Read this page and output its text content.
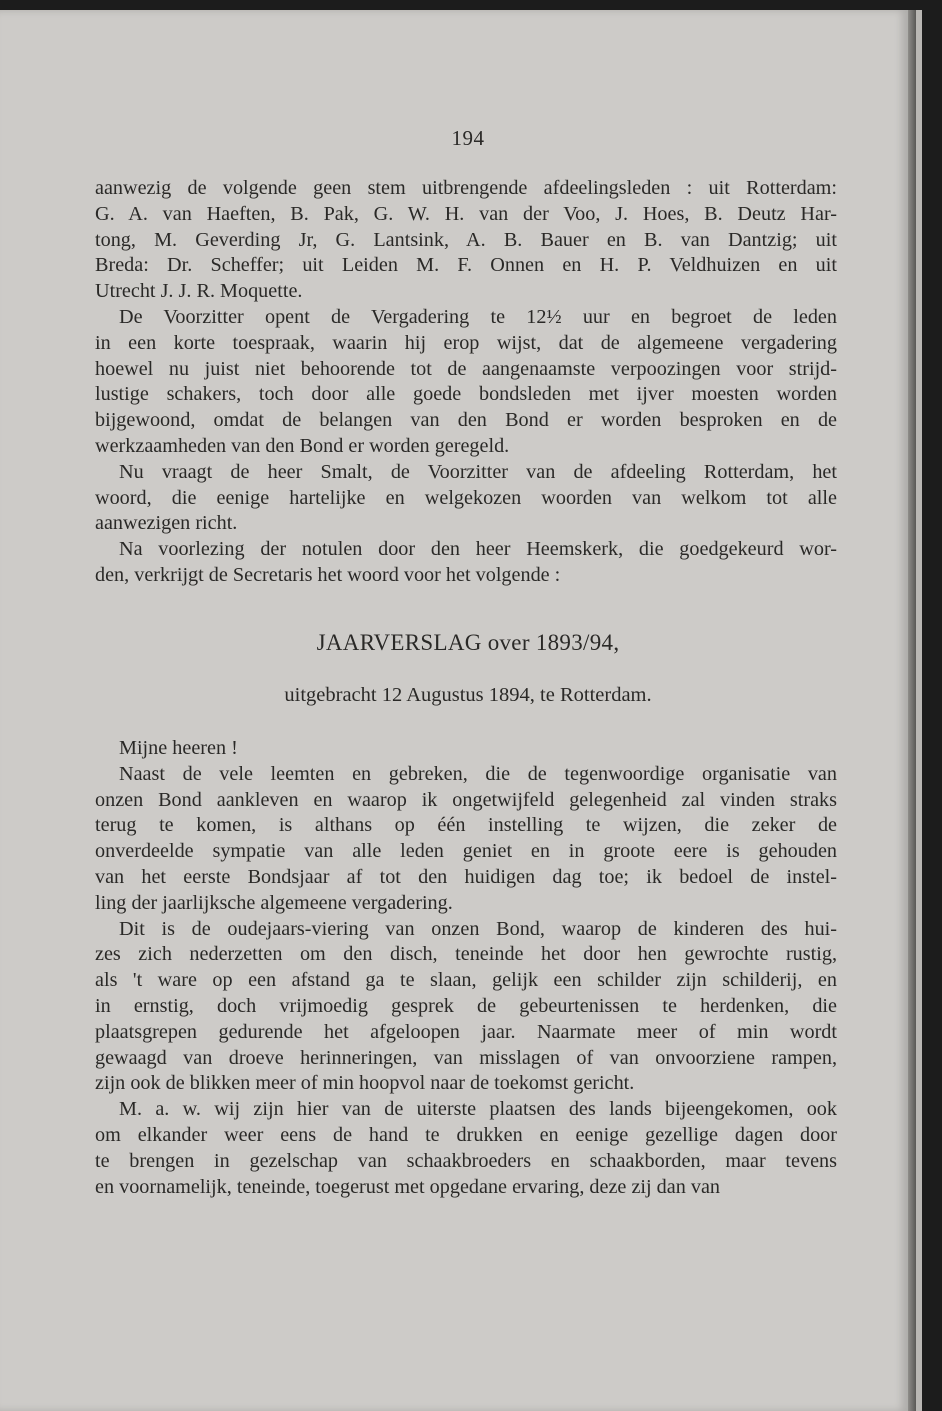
194

aanwezig de volgende geen stem uitbrengende afdeelingsleden : uit Rotterdam:
G. A. van Haeften, B. Pak, G. W. H. van der Voo, J. Hoes, B. Deutz Har-
tong, M. Geverding Jr, G. Lantsink, A. B. Bauer en B. van Dantzig; uit
Breda: Dr. Scheffer; uit Leiden M. F. Onnen en H. P. Veldhuizen en uit
Utrecht J. J. R. Moquette.

De Voorzitter opent de Vergadering te 12½ uur en begroet de leden
in een korte toespraak, waarin hij erop wijst, dat de algemeene vergadering
hoewel nu juist niet behoorende tot de aangenaamste verpoozingen voor strijd-
lustige schakers, toch door alle goede bondsleden met ijver moesten worden
bijgewoond, omdat de belangen van den Bond er worden besproken en de
werkzaamheden van den Bond er worden geregeld.

Nu vraagt de heer Smalt, de Voorzitter van de afdeeling Rotterdam, het
woord, die eenige hartelijke en welgekozen woorden van welkom tot alle
aanwezigen richt.

Na voorlezing der notulen door den heer Heemskerk, die goedgekeurd wor-
den, verkrijgt de Secretaris het woord voor het volgende :

JAARVERSLAG over 1893/94,
uitgebracht 12 Augustus 1894, te Rotterdam.

Mijne heeren !

Naast de vele leemten en gebreken, die de tegenwoordige organisatie van
onzen Bond aankleven en waarop ik ongetwijfeld gelegenheid zal vinden straks
terug te komen, is althans op één instelling te wijzen, die zeker de
onverdeelde sympatie van alle leden geniet en in groote eere is gehouden
van het eerste Bondsjaar af tot den huidigen dag toe; ik bedoel de instel-
ling der jaarlijksche algemeene vergadering.

Dit is de oudejaars-viering van onzen Bond, waarop de kinderen des hui-
zes zich nederzetten om den disch, teneinde het door hen gewrochte rustig,
als 't ware op een afstand ga te slaan, gelijk een schilder zijn schilderij, en
in ernstig, doch vrijmoedig gesprek de gebeurtenissen te herdenken, die
plaatsgrepen gedurende het afgeloopen jaar. Naarmate meer of min wordt
gewaagd van droeve herinneringen, van misslagen of van onvoorziene rampen,
zijn ook de blikken meer of min hoopvol naar de toekomst gericht.

M. a. w. wij zijn hier van de uiterste plaatsen des lands bijeengekomen, ook
om elkander weer eens de hand te drukken en eenige gezellige dagen door
te brengen in gezelschap van schaakbroeders en schaakborden, maar tevens
en voornamelijk, teneinde, toegerust met opgedane ervaring, deze zij dan van
